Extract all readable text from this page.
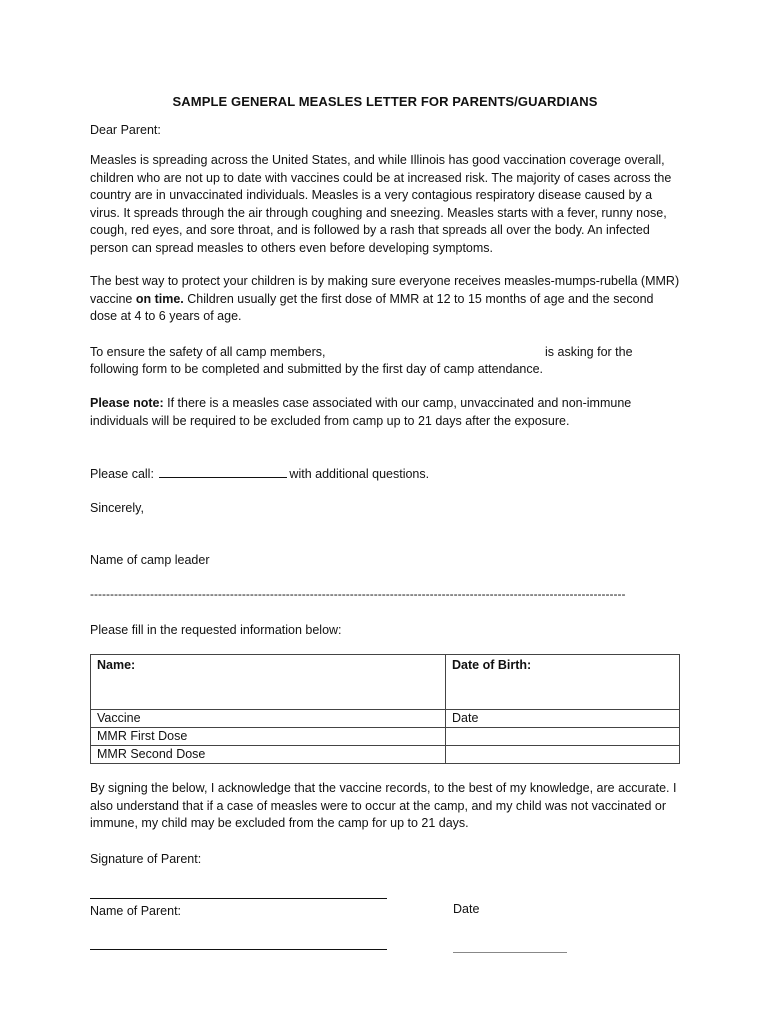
SAMPLE GENERAL MEASLES LETTER FOR PARENTS/GUARDIANS
Dear Parent:
Measles is spreading across the United States, and while Illinois has good vaccination coverage overall, children who are not up to date with vaccines could be at increased risk. The majority of cases across the country are in unvaccinated individuals. Measles is a very contagious respiratory disease caused by a virus. It spreads through the air through coughing and sneezing. Measles starts with a fever, runny nose, cough, red eyes, and sore throat, and is followed by a rash that spreads all over the body. An infected person can spread measles to others even before developing symptoms.
The best way to protect your children is by making sure everyone receives measles-mumps-rubella (MMR) vaccine on time. Children usually get the first dose of MMR at 12 to 15 months of age and the second dose at 4 to 6 years of age.
To ensure the safety of all camp members,	is asking for the
following form to be completed and submitted by the first day of camp attendance.
Please note: If there is a measles case associated with our camp, unvaccinated and non-immune individuals will be required to be excluded from camp up to 21 days after the exposure.
Please call:	with additional questions.
Sincerely,
Name of camp leader
--------------------------------------------------------------------------------------------------------------------------------------
Please fill in the requested information below:
Name:	Date of Birth:
Vaccine	Date
MMR First Dose	
MMR Second Dose	
By signing the below, I acknowledge that the vaccine records, to the best of my knowledge, are accurate. I also understand that if a case of measles were to occur at the camp, and my child was not vaccinated or immune, my child may be excluded from the camp for up to 21 days.
Signature of Parent:
Name of Parent:	Date
